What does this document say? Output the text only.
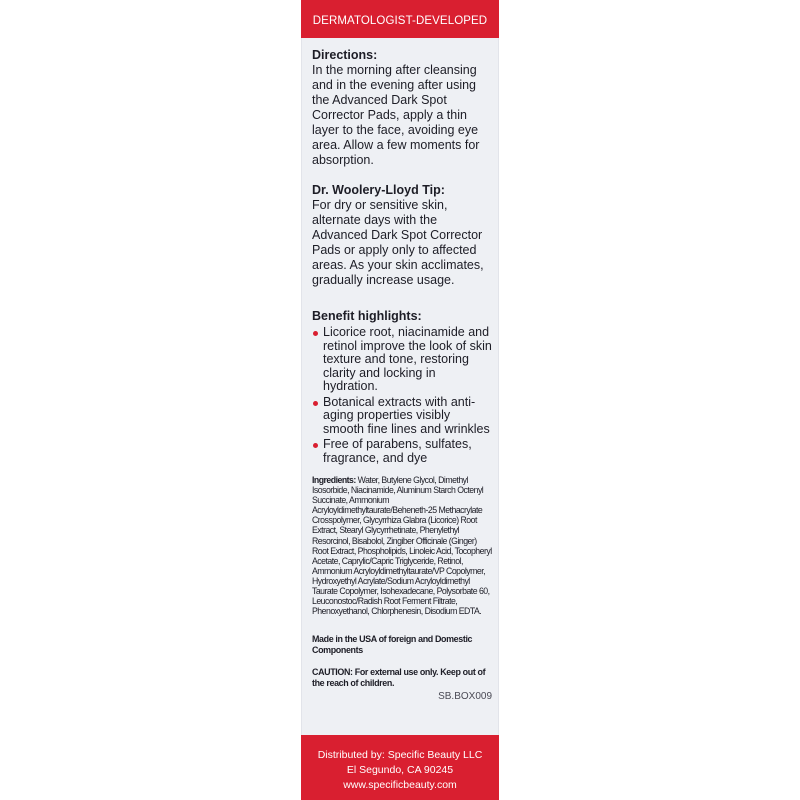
DERMATOLOGIST-DEVELOPED
Directions:
In the morning after cleansing and in the evening after using the Advanced Dark Spot Corrector Pads, apply a thin layer to the face, avoiding eye area. Allow a few moments for absorption.
Dr. Woolery-Lloyd Tip:
For dry or sensitive skin, alternate days with the Advanced Dark Spot Corrector Pads or apply only to affected areas. As your skin acclimates, gradually increase usage.
Benefit highlights:
Licorice root, niacinamide and retinol improve the look of skin texture and tone, restoring clarity and locking in hydration.
Botanical extracts with anti-aging properties visibly smooth fine lines and wrinkles
Free of parabens, sulfates, fragrance, and dye
Ingredients: Water, Butylene Glycol, Dimethyl Isosorbide, Niacinamide, Aluminum Starch Octenyl Succinate, Ammonium Acryloyldimethyltaurate/Beheneth-25 Methacrylate Crosspolymer, Glycyrrhiza Glabra (Licorice) Root Extract, Stearyl Glycyrrhetinate, Phenylethyl Resorcinol, Bisabolol, Zingiber Officinale (Ginger) Root Extract, Phospholipids, Linoleic Acid, Tocopheryl Acetate, Caprylic/Capric Triglyceride, Retinol, Ammonium Acryloyldimethyltaurate/VP Copolymer, Hydroxyethyl Acrylate/Sodium Acryloyldimethyl Taurate Copolymer, Isohexadecane, Polysorbate 60, Leuconostoc/Radish Root Ferment Filtrate, Phenoxyethanol, Chlorphenesin, Disodium EDTA.
Made in the USA of foreign and Domestic Components
CAUTION: For external use only. Keep out of the reach of children.
SB.BOX009
Distributed by: Specific Beauty LLC
El Segundo, CA 90245
www.specificbeauty.com
